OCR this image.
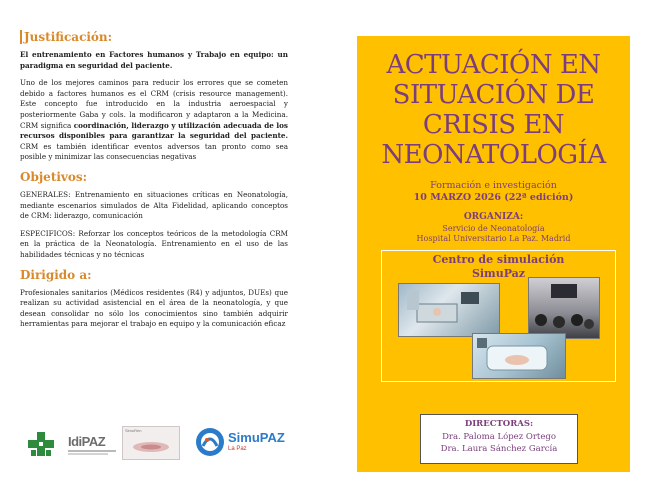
Justificación:
El entrenamiento en Factores humanos y Trabajo en equipo: un paradigma en seguridad del paciente.
Uno de los mejores caminos para reducir los errores que se cometen debido a factores humanos es el CRM (crisis resource management). Este concepto fue introducido en la industria aeroespacial y posteriormente Gaba y cols. la modificaron y adaptaron a la Medicina. CRM significa coordinación, liderazgo y utilización adecuada de los recursos disponibles para garantizar la seguridad del paciente. CRM es también identificar eventos adversos tan pronto como sea posible y minimizar las consecuencias negativas
Objetivos:
GENERALES: Entrenamiento en situaciones críticas en Neonatología, mediante escenarios simulados de Alta Fidelidad, aplicando conceptos de CRM: liderazgo, comunicación
ESPECIFICOS: Reforzar los conceptos teóricos de la metodología CRM en la práctica de la Neonatología. Entrenamiento en el uso de las habilidades técnicas y no técnicas
Dirigido a:
Profesionales sanitarios (Médicos residentes (R4) y adjuntos, DUEs) que realizan su actividad asistencial en el área de la neonatología, y que desean consolidar no sólo los conocimientos sino también adquirir herramientas para mejorar el trabajo en equipo y la comunicación eficaz
IdiPAZ
SimuRen	SimuPAZ
La Paz
ACTUACIÓN EN
SITUACIÓN DE
CRISIS EN
NEONATOLOGÍA
Formación e investigación
10 MARZO 2026 (22ª edición)
ORGANIZA:
Servicio de Neonatología
Hospital Universitario La Paz. Madrid
Centro de simulación
SimuPaz
DIRECTORAS:
Dra. Paloma López Ortego
Dra. Laura Sánchez García
